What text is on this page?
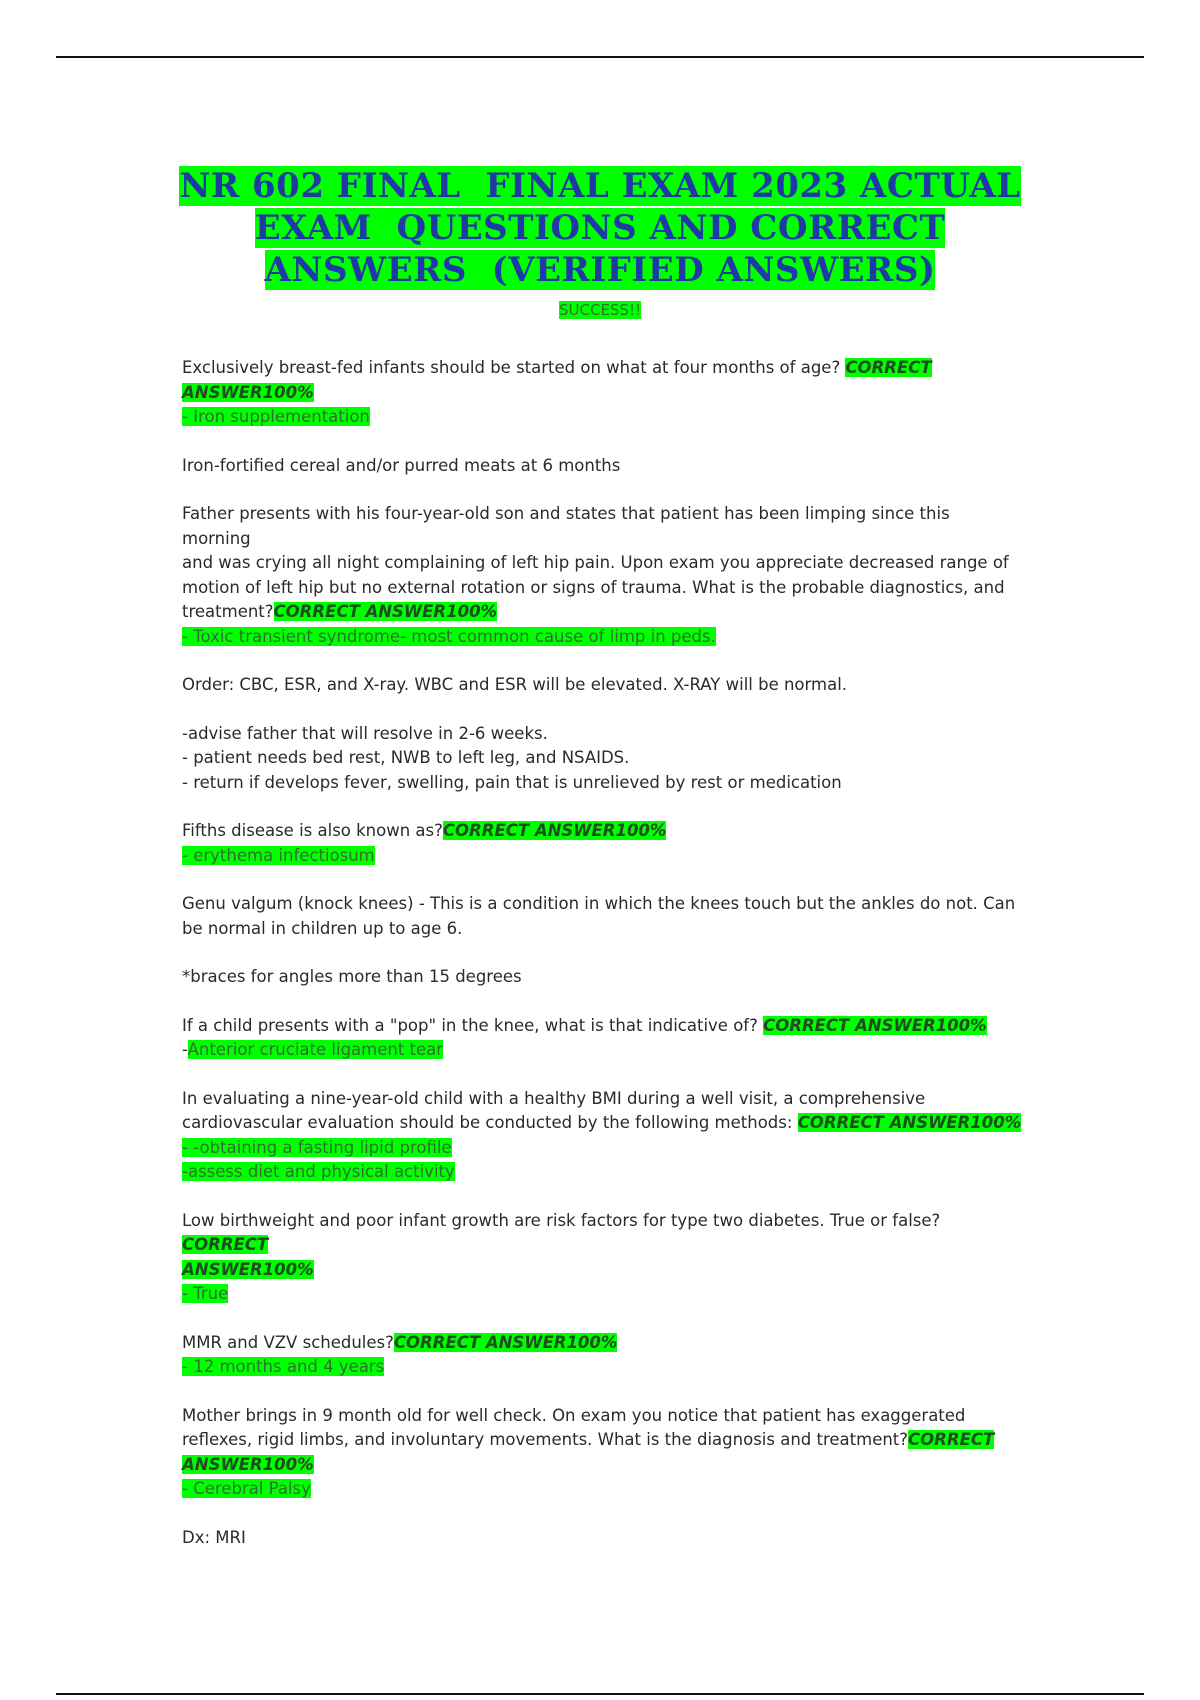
NR 602 FINAL  FINAL EXAM 2023 ACTUAL
EXAM  QUESTIONS AND CORRECT
ANSWERS  (VERIFIED ANSWERS)
SUCCESS!!
Exclusively breast-fed infants should be started on what at four months of age? CORRECT
ANSWER100%
- Iron supplementation
Iron-fortified cereal and/or purred meats at 6 months
Father presents with his four-year-old son and states that patient has been limping since this morning
and was crying all night complaining of left hip pain. Upon exam you appreciate decreased range of
motion of left hip but no external rotation or signs of trauma. What is the probable diagnostics, and
treatment?CORRECT ANSWER100%
- Toxic transient syndrome- most common cause of limp in peds.
Order: CBC, ESR, and X-ray. WBC and ESR will be elevated. X-RAY will be normal.
-advise father that will resolve in 2-6 weeks.
- patient needs bed rest, NWB to left leg, and NSAIDS.
- return if develops fever, swelling, pain that is unrelieved by rest or medication
Fifths disease is also known as?CORRECT ANSWER100%
- erythema infectiosum
Genu valgum (knock knees) - This is a condition in which the knees touch but the ankles do not. Can
be normal in children up to age 6.
*braces for angles more than 15 degrees
If a child presents with a "pop" in the knee, what is that indicative of? CORRECT ANSWER100%
-Anterior cruciate ligament tear
In evaluating a nine-year-old child with a healthy BMI during a well visit, a comprehensive
cardiovascular evaluation should be conducted by the following methods: CORRECT ANSWER100%
- -obtaining a fasting lipid profile
-assess diet and physical activity
Low birthweight and poor infant growth are risk factors for type two diabetes. True or false?CORRECT
ANSWER100%
- True
MMR and VZV schedules?CORRECT ANSWER100%
- 12 months and 4 years
Mother brings in 9 month old for well check. On exam you notice that patient has exaggerated
reflexes, rigid limbs, and involuntary movements. What is the diagnosis and treatment?CORRECT
ANSWER100%
- Cerebral Palsy
Dx: MRI
